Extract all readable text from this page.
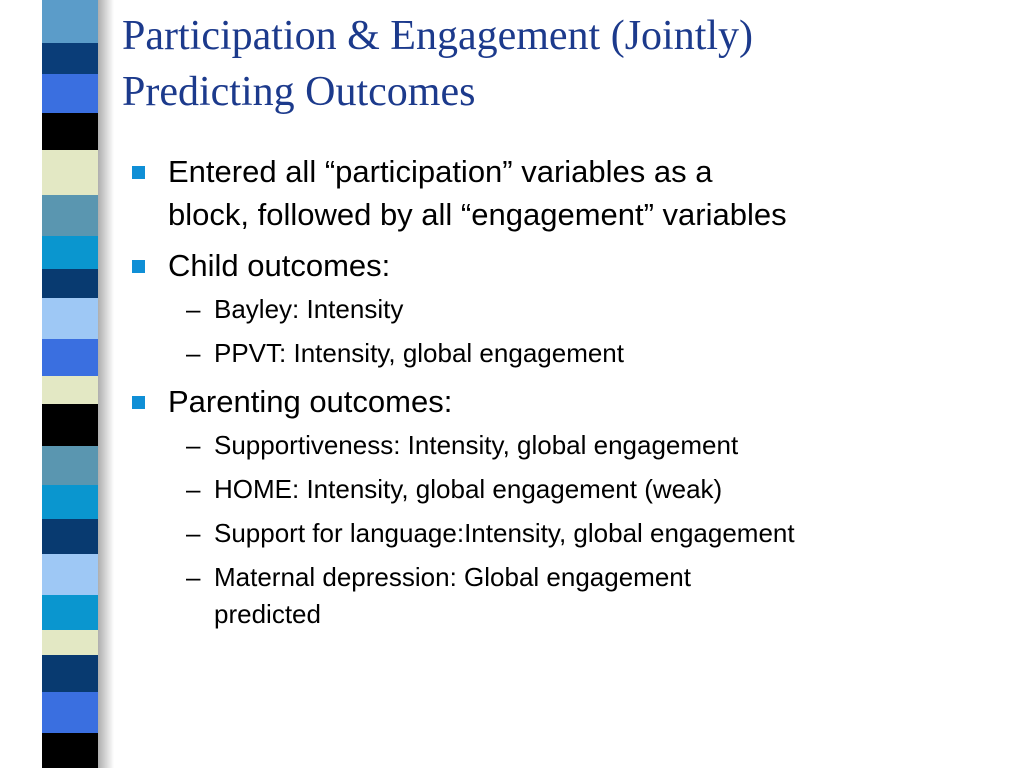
Participation & Engagement (Jointly)
Predicting Outcomes
Entered all “participation” variables as a
block, followed by all “engagement” variables
Child outcomes:
– Bayley: Intensity
– PPVT: Intensity, global engagement
Parenting outcomes:
– Supportiveness: Intensity, global engagement
– HOME: Intensity, global engagement (weak)
– Support for language:Intensity, global engagement
– Maternal depression: Global engagement
predicted
